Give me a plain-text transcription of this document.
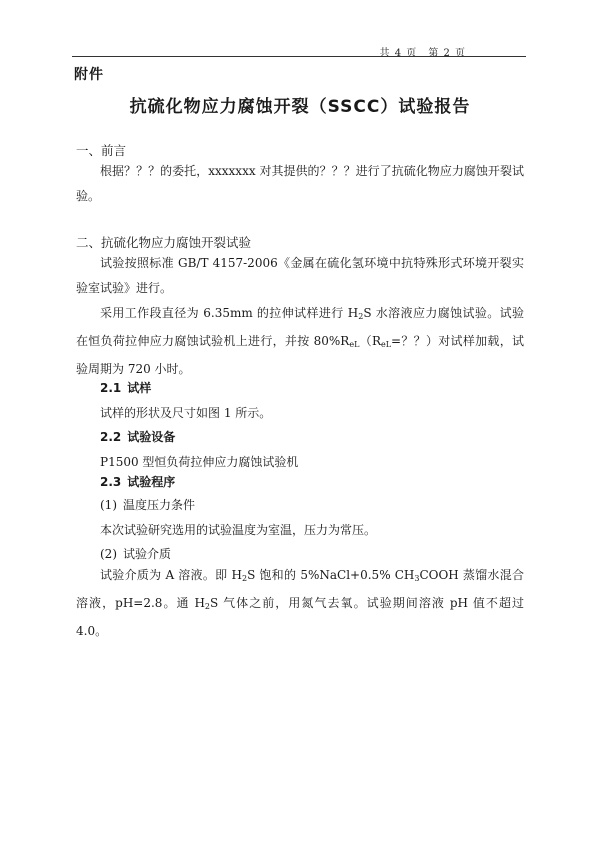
共 4 页　第 2 页
附件
抗硫化物应力腐蚀开裂（SSCC）试验报告
一、前言
根据？？？的委托，xxxxxxx 对其提供的？？？进行了抗硫化物应力腐蚀开裂试验。
二、抗硫化物应力腐蚀开裂试验
试验按照标准 GB/T 4157-2006《金属在硫化氢环境中抗特殊形式环境开裂实验室试验》进行。
采用工作段直径为 6.35mm 的拉伸试样进行 $H_2S$ 水溶液应力腐蚀试验。试验在恒负荷拉伸应力腐蚀试验机上进行，并按 $80\%R_{eL}(R_{eL}=$？？）对试样加载，试验周期为 720 小时。
2.1 试样
试样的形状及尺寸如图 1 所示。
2.2 试验设备
P1500 型恒负荷拉伸应力腐蚀试验机
2.3 试验程序
(1) 温度压力条件
本次试验研究选用的试验温度为室温，压力为常压。
(2) 试验介质
试验介质为 A 溶液。即 $H_2S$ 饱和的 5%NaCl+0.5% $CH_3COOH$ 蒸馏水混合溶液，pH=2.8。通 $H_2S$ 气体之前，用氮气去氧。试验期间溶液 pH 值不超过 4.0。
